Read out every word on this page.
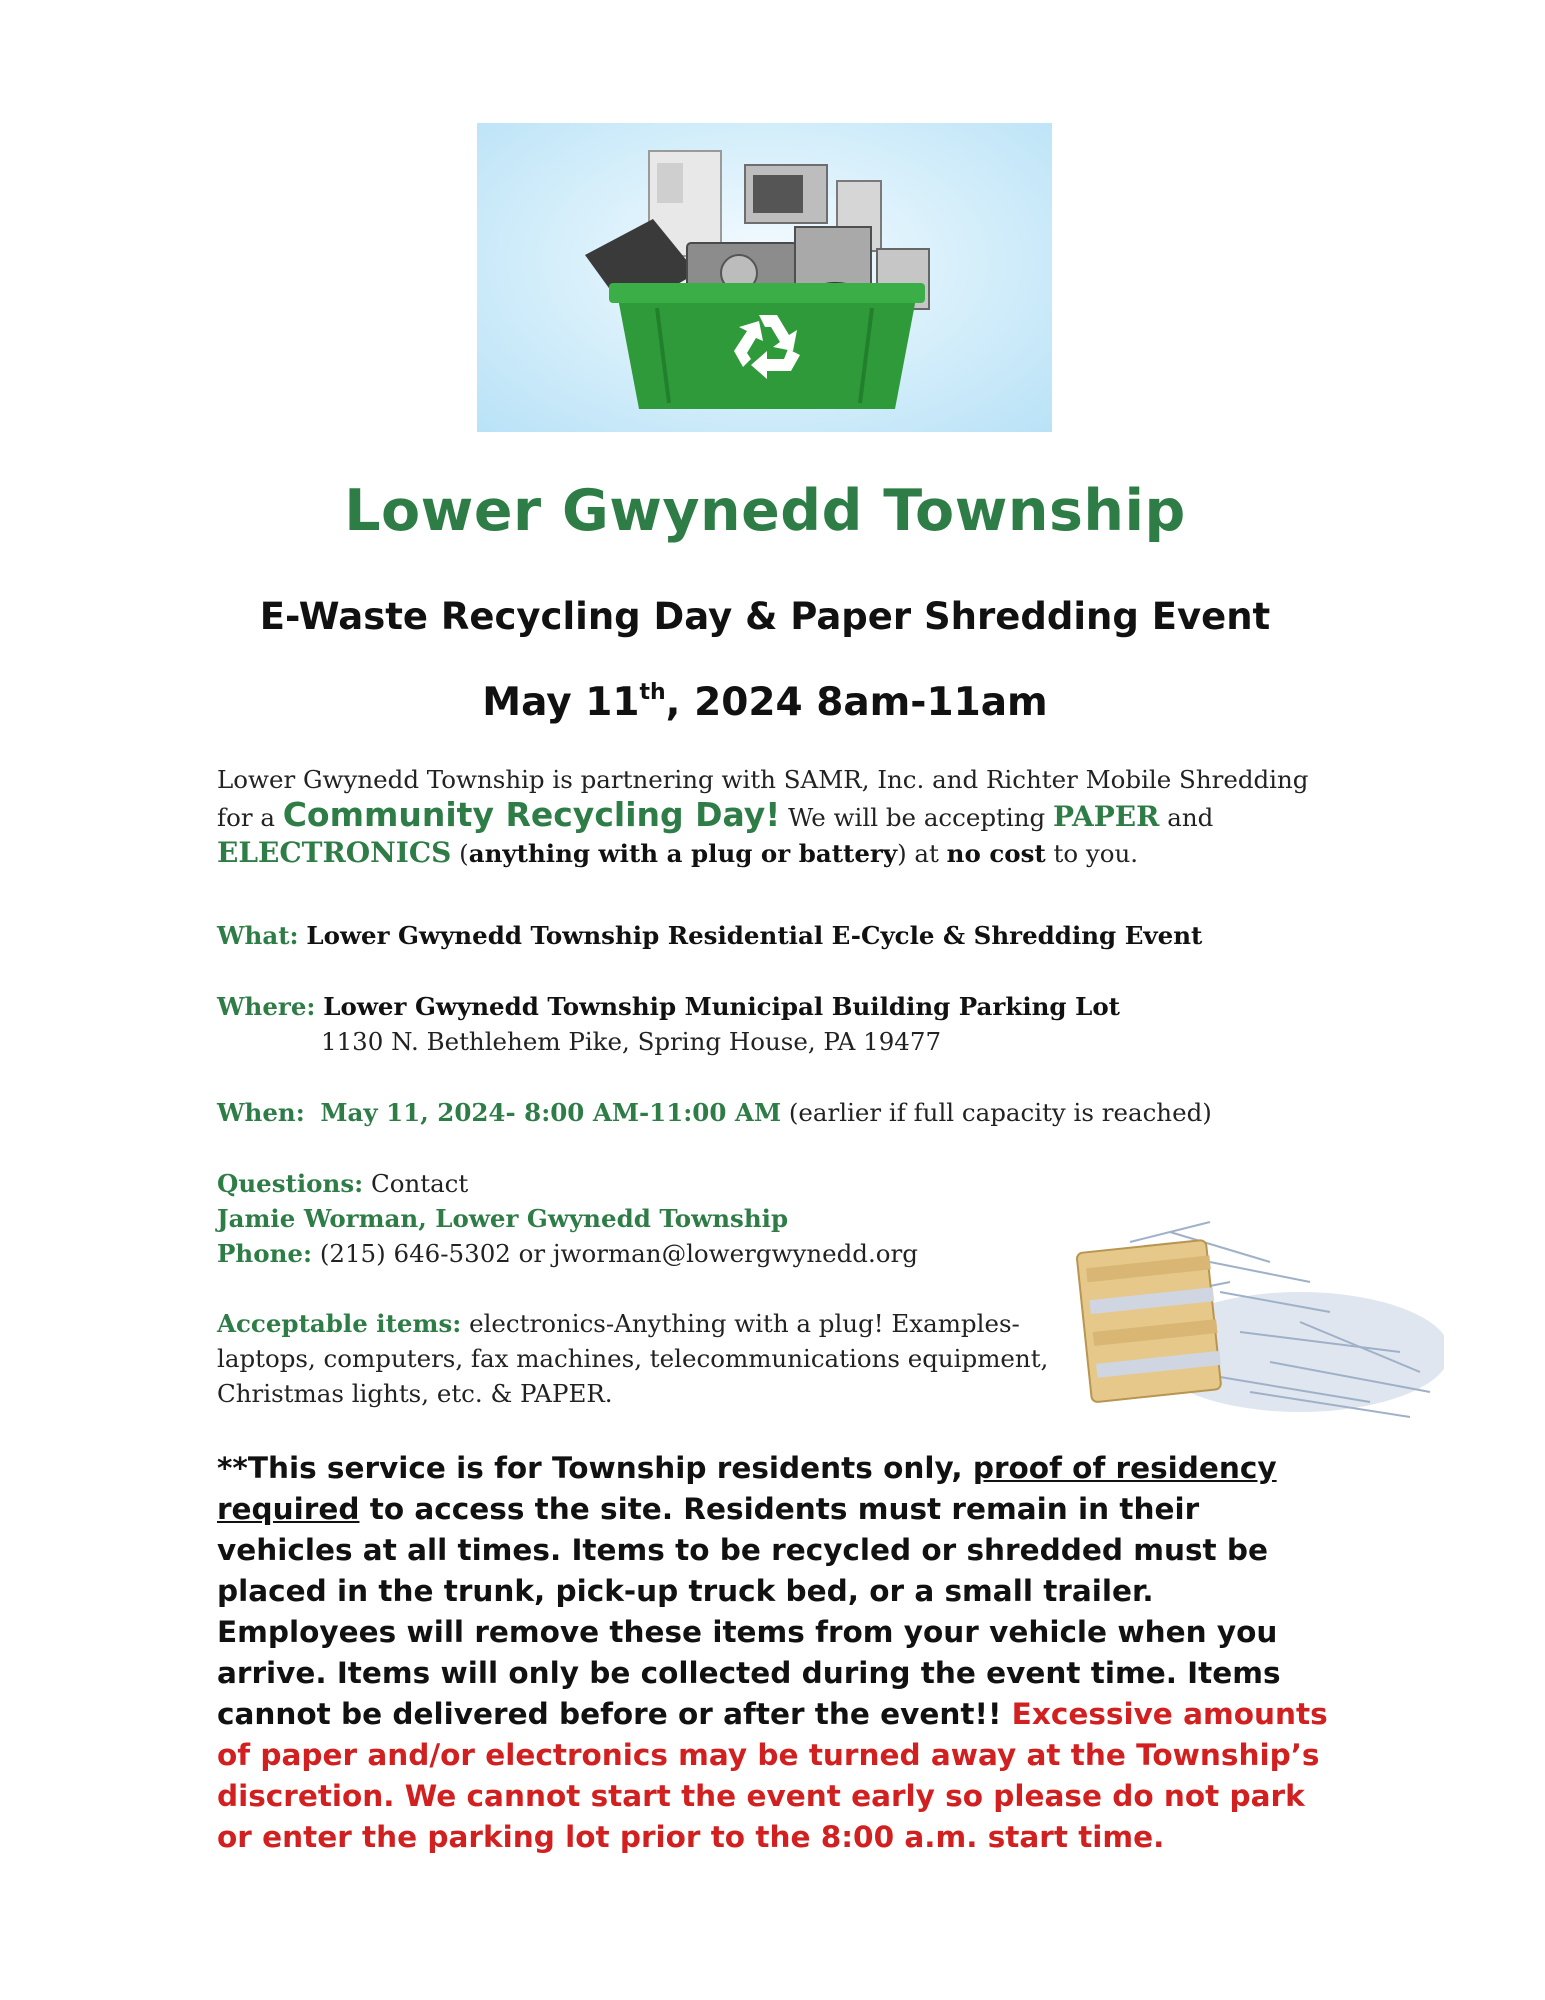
Lower Gwynedd Township
E-Waste Recycling Day & Paper Shredding Event
May 11th, 2024 8am-11am
Lower Gwynedd Township is partnering with SAMR, Inc. and Richter Mobile Shredding for a Community Recycling Day! We will be accepting PAPER and ELECTRONICS (anything with a plug or battery) at no cost to you.
What: Lower Gwynedd Township Residential E-Cycle & Shredding Event
Where: Lower Gwynedd Township Municipal Building Parking Lot
1130 N. Bethlehem Pike, Spring House, PA 19477
When: May 11, 2024- 8:00 AM-11:00 AM (earlier if full capacity is reached)
Questions: Contact
Jamie Worman, Lower Gwynedd Township
Phone: (215) 646-5302 or jworman@lowergwynedd.org
Acceptable items: electronics-Anything with a plug! Examples- laptops, computers, fax machines, telecommunications equipment, Christmas lights, etc. & PAPER.
**This service is for Township residents only, proof of residency required to access the site. Residents must remain in their vehicles at all times. Items to be recycled or shredded must be placed in the trunk, pick-up truck bed, or a small trailer. Employees will remove these items from your vehicle when you arrive. Items will only be collected during the event time. Items cannot be delivered before or after the event!! Excessive amounts of paper and/or electronics may be turned away at the Township’s discretion. We cannot start the event early so please do not park or enter the parking lot prior to the 8:00 a.m. start time.
